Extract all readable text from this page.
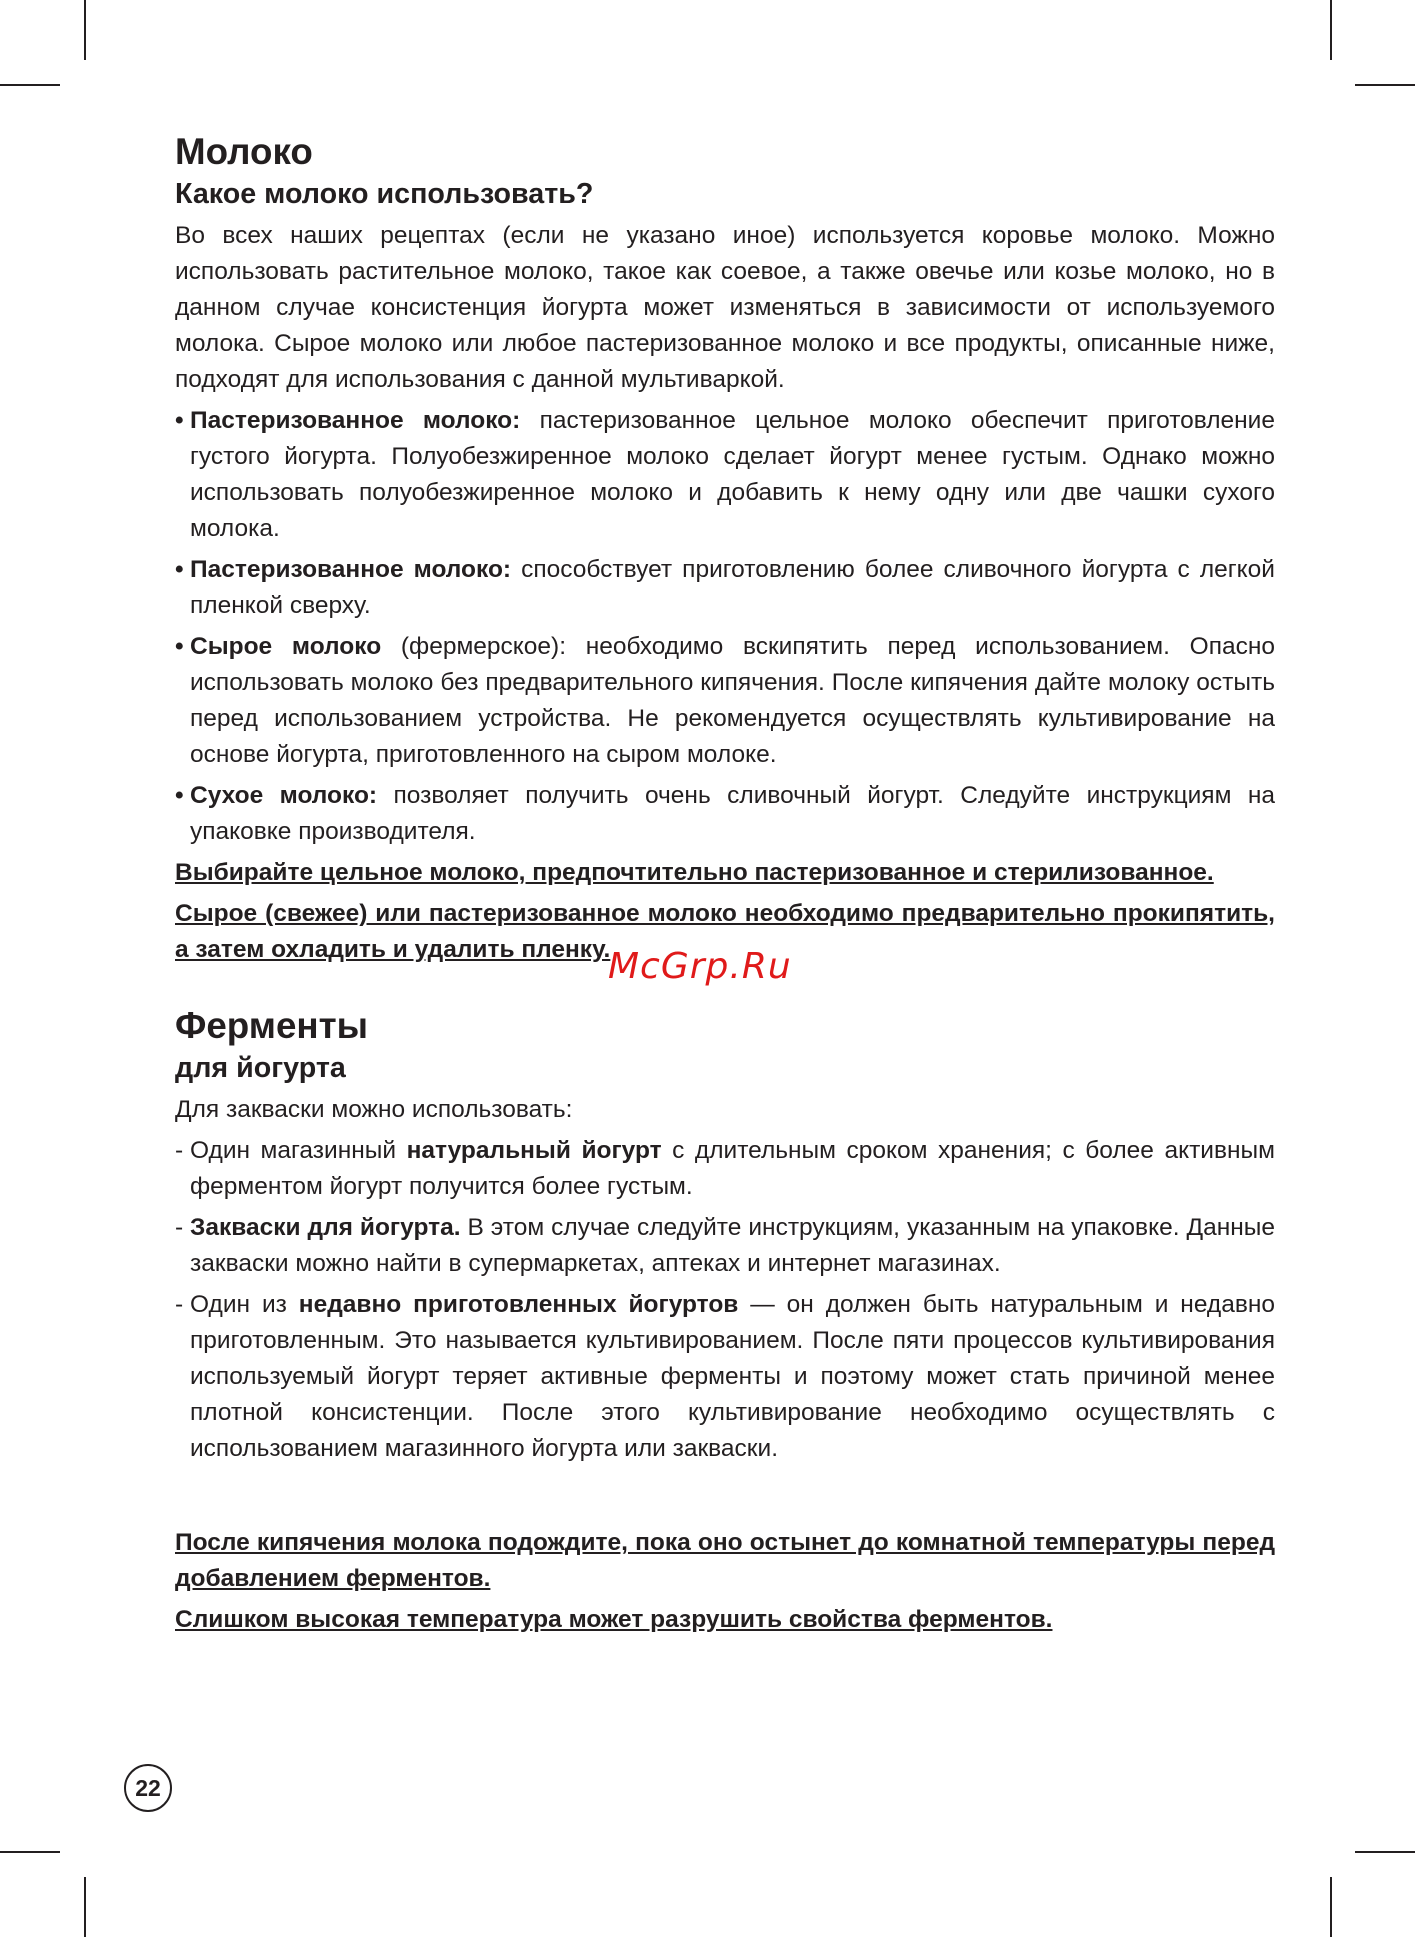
Молоко
Какое молоко использовать?

Во всех наших рецептах (если не указано иное) используется коровье молоко. Можно использовать растительное молоко, такое как соевое, а также овечье или козье молоко, но в данном случае консистенция йогурта может изменяться в зависимости от используемого молока. Сырое молоко или любое пастеризованное молоко и все продукты, описанные ниже, подходят для использования с данной мультиваркой.

• Пастеризованное молоко: пастеризованное цельное молоко обеспечит приготовление густого йогурта. Полуобезжиренное молоко сделает йогурт менее густым. Однако можно использовать полуобезжиренное молоко и добавить к нему одну или две чашки сухого молока.
• Пастеризованное молоко: способствует приготовлению более сливочного йогурта с легкой пленкой сверху.
• Сырое молоко (фермерское): необходимо вскипятить перед использованием. Опасно использовать молоко без предварительного кипячения. После кипячения дайте молоку остыть перед использованием устройства. Не рекомендуется осуществлять культивирование на основе йогурта, приготовленного на сыром молоке.
• Сухое молоко: позволяет получить очень сливочный йогурт. Следуйте инструкциям на упаковке производителя.

Выбирайте цельное молоко, предпочтительно пастеризованное и стерилизованное.

Сырое (свежее) или пастеризованное молоко необходимо предварительно прокипятить, а затем охладить и удалить пленку.

Ферменты
для йогурта

Для закваски можно использовать:

- Один магазинный натуральный йогурт с длительным сроком хранения; с более активным ферментом йогурт получится более густым.
- Закваски для йогурта. В этом случае следуйте инструкциям, указанным на упаковке. Данные закваски можно найти в супермаркетах, аптеках и интернет магазинах.
- Один из недавно приготовленных йогуртов — он должен быть натуральным и недавно приготовленным. Это называется культивированием. После пяти процессов культивирования используемый йогурт теряет активные ферменты и поэтому может стать причиной менее плотной консистенции. После этого культивирование необходимо осуществлять с использованием магазинного йогурта или закваски.

После кипячения молока подождите, пока оно остынет до комнатной температуры перед добавлением ферментов.

Слишком высокая температура может разрушить свойства ферментов.

McGrp.Ru
22
